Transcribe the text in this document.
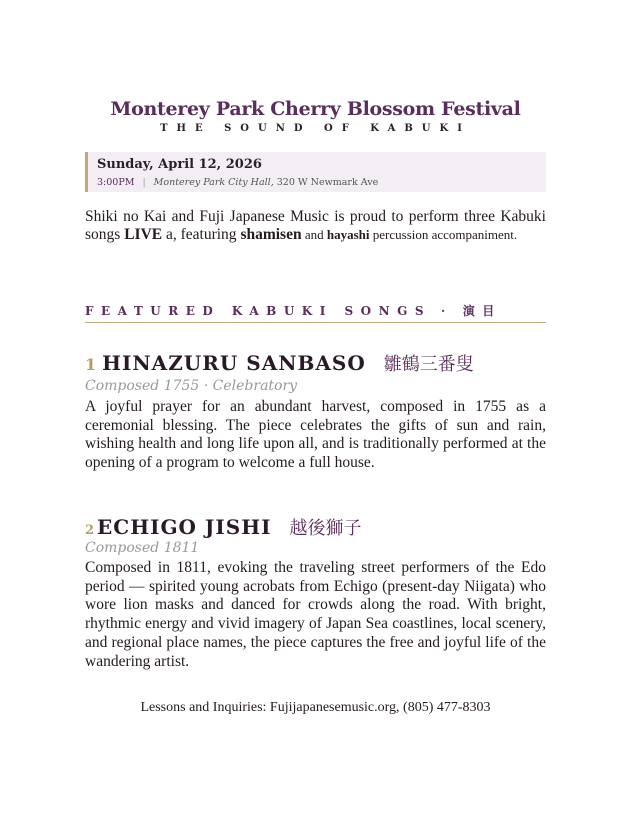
Monterey Park Cherry Blossom Festival
THE SOUND OF KABUKI
Sunday, April 12, 2026
3:00PM | Monterey Park City Hall, 320 W Newmark Ave
Shiki no Kai and Fuji Japanese Music is proud to perform three Kabuki songs LIVE a, featuring shamisen and hayashi percussion accompaniment.
FEATURED KABUKI SONGS · 演目
1 HINAZURU SANBASO 雛鶴三番叟
Composed 1755 · Celebratory
A joyful prayer for an abundant harvest, composed in 1755 as a ceremonial blessing. The piece celebrates the gifts of sun and rain, wishing health and long life upon all, and is traditionally performed at the opening of a program to welcome a full house.
2 ECHIGO JISHI 越後獅子
Composed 1811
Composed in 1811, evoking the traveling street performers of the Edo period — spirited young acrobats from Echigo (present-day Niigata) who wore lion masks and danced for crowds along the road. With bright, rhythmic energy and vivid imagery of Japan Sea coastlines, local scenery, and regional place names, the piece captures the free and joyful life of the wandering artist.
Lessons and Inquiries: Fujijapanesemusic.org, (805) 477-8303
